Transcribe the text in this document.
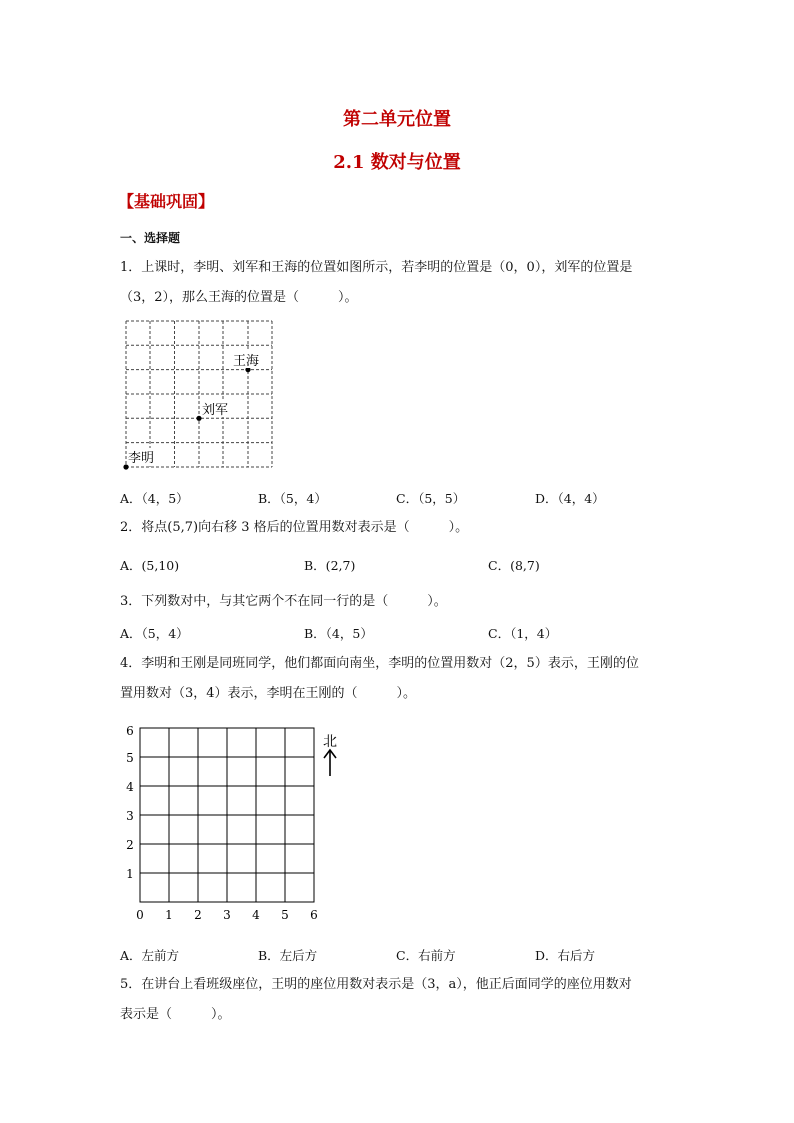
第二单元位置
2.1 数对与位置
【基础巩固】
一、选择题
1．上课时，李明、刘军和王海的位置如图所示，若李明的位置是（0，0），刘军的位置是
（3，2），那么王海的位置是（　　　）。
李明
刘军
王海
A．（4，5）	B．（5，4）	C．（5，5）	D．（4，4）
2．将点(5,7)向右移 3 格后的位置用数对表示是（　　　）。
A．(5,10)	B．(2,7)	C．(8,7)
3．下列数对中，与其它两个不在同一行的是（　　　）。
A．（5，4）	B．（4，5）	C．（1，4）
4．李明和王刚是同班同学，他们都面向南坐，李明的位置用数对（2，5）表示，王刚的位
置用数对（3，4）表示，李明在王刚的（　　　）。
0 1 2 3 4 5 6
1
2
3
4
5
6
北
A．左前方	B．左后方	C．右前方	D．右后方
5．在讲台上看班级座位，王明的座位用数对表示是（3，a），他正后面同学的座位用数对
表示是（　　　）。
